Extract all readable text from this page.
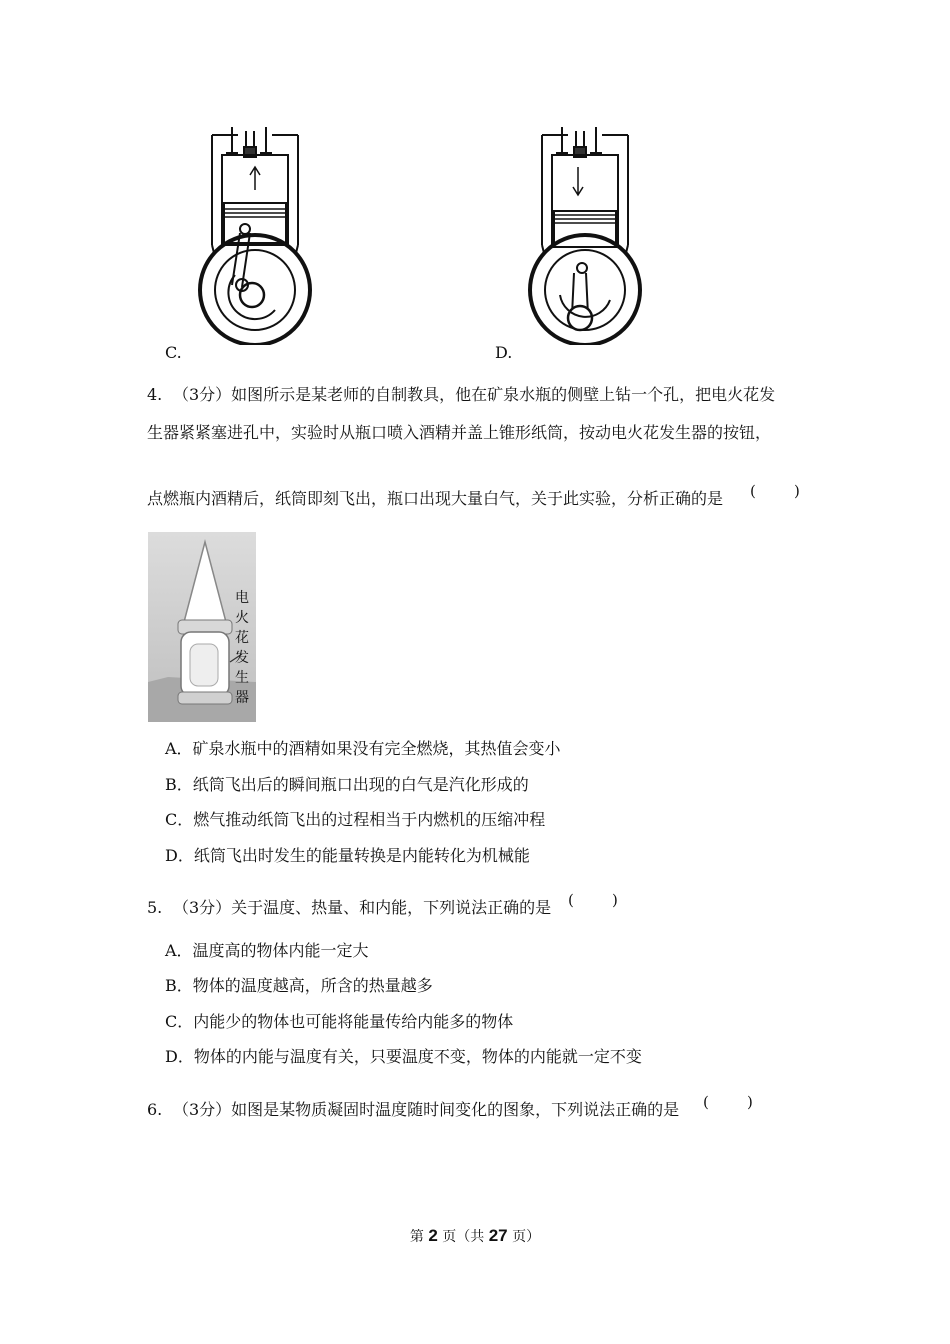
C.	D.
4. （3分）如图所示是某老师的自制教具，他在矿泉水瓶的侧壁上钻一个孔，把电火花发
生器紧紧塞进孔中，实验时从瓶口喷入酒精并盖上锥形纸筒，按动电火花发生器的按钮，
点燃瓶内酒精后，纸筒即刻飞出，瓶口出现大量白气，关于此实验，分析正确的是 (	)
电
火
花
发
生
器
A．矿泉水瓶中的酒精如果没有完全燃烧，其热值会变小
B．纸筒飞出后的瞬间瓶口出现的白气是汽化形成的
C．燃气推动纸筒飞出的过程相当于内燃机的压缩冲程
D．纸筒飞出时发生的能量转换是内能转化为机械能
5. （3分）关于温度、热量、和内能，下列说法正确的是 (	)
A．温度高的物体内能一定大
B．物体的温度越高，所含的热量越多
C．内能少的物体也可能将能量传给内能多的物体
D．物体的内能与温度有关，只要温度不变，物体的内能就一定不变
6. （3分）如图是某物质凝固时温度随时间变化的图象，下列说法正确的是 (	)
第 2 页（共 27 页）
